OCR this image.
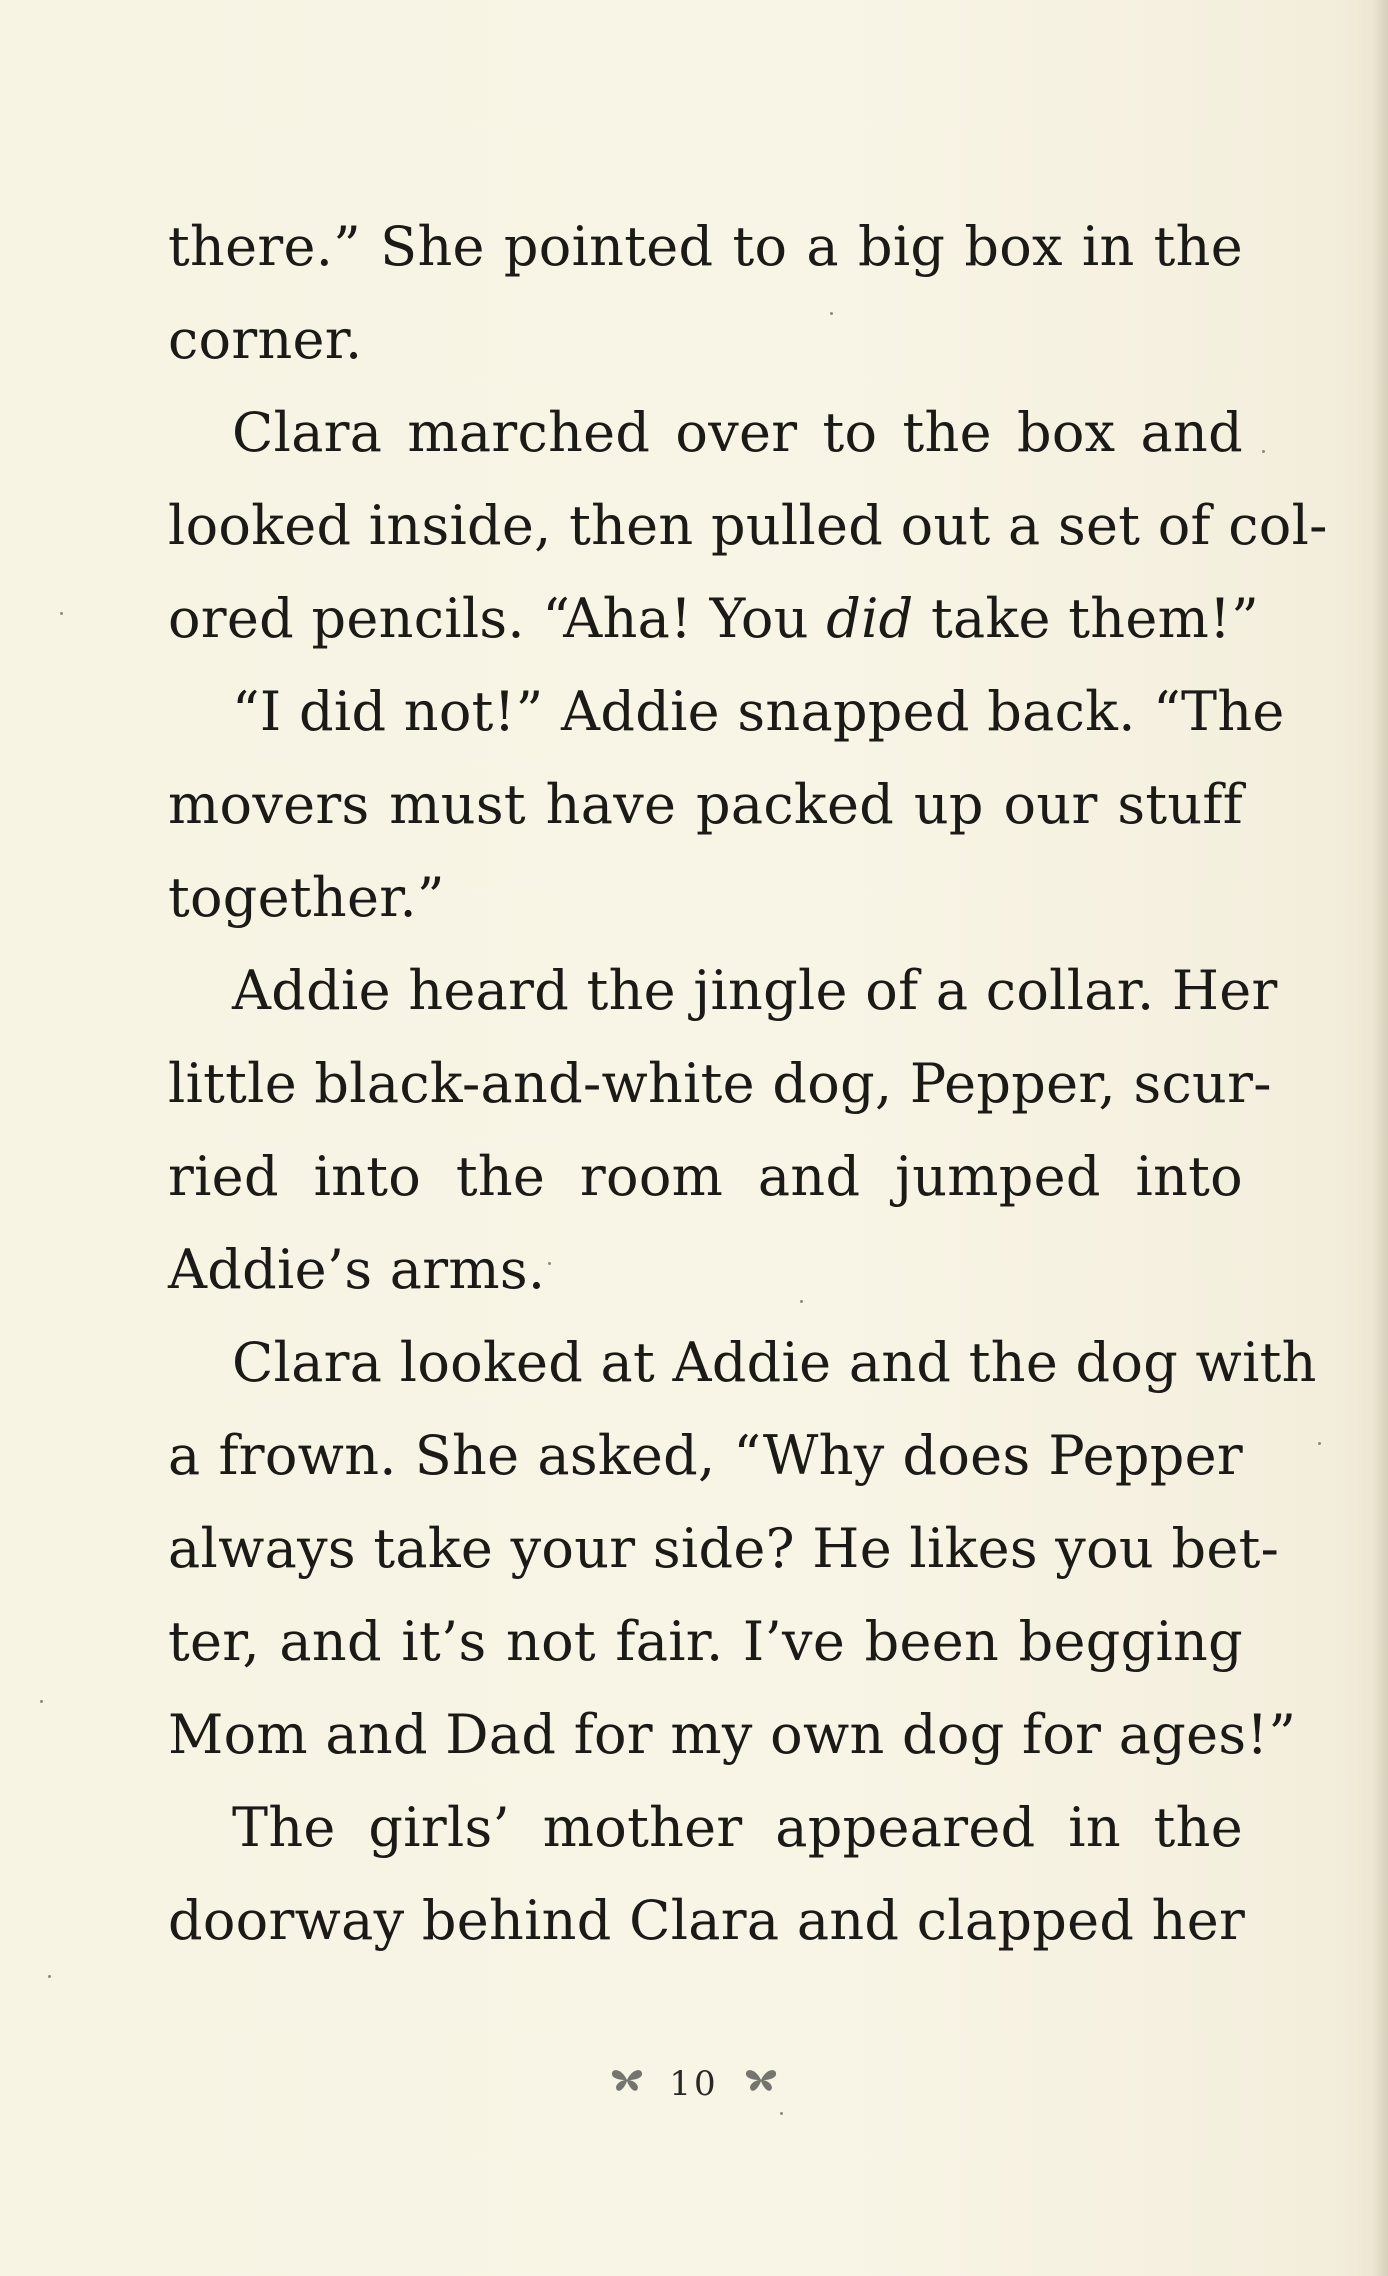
there.” She pointed to a big box in the
corner.
Clara marched over to the box and
looked inside, then pulled out a set of col-
ored pencils. “Aha! You did take them!”
“I did not!” Addie snapped back. “The
movers must have packed up our stuff
together.”
Addie heard the jingle of a collar. Her
little black-and-white dog, Pepper, scur-
ried into the room and jumped into
Addie’s arms.
Clara looked at Addie and the dog with
a frown. She asked, “Why does Pepper
always take your side? He likes you bet-
ter, and it’s not fair. I’ve been begging
Mom and Dad for my own dog for ages!”
The girls’ mother appeared in the
doorway behind Clara and clapped her
10
